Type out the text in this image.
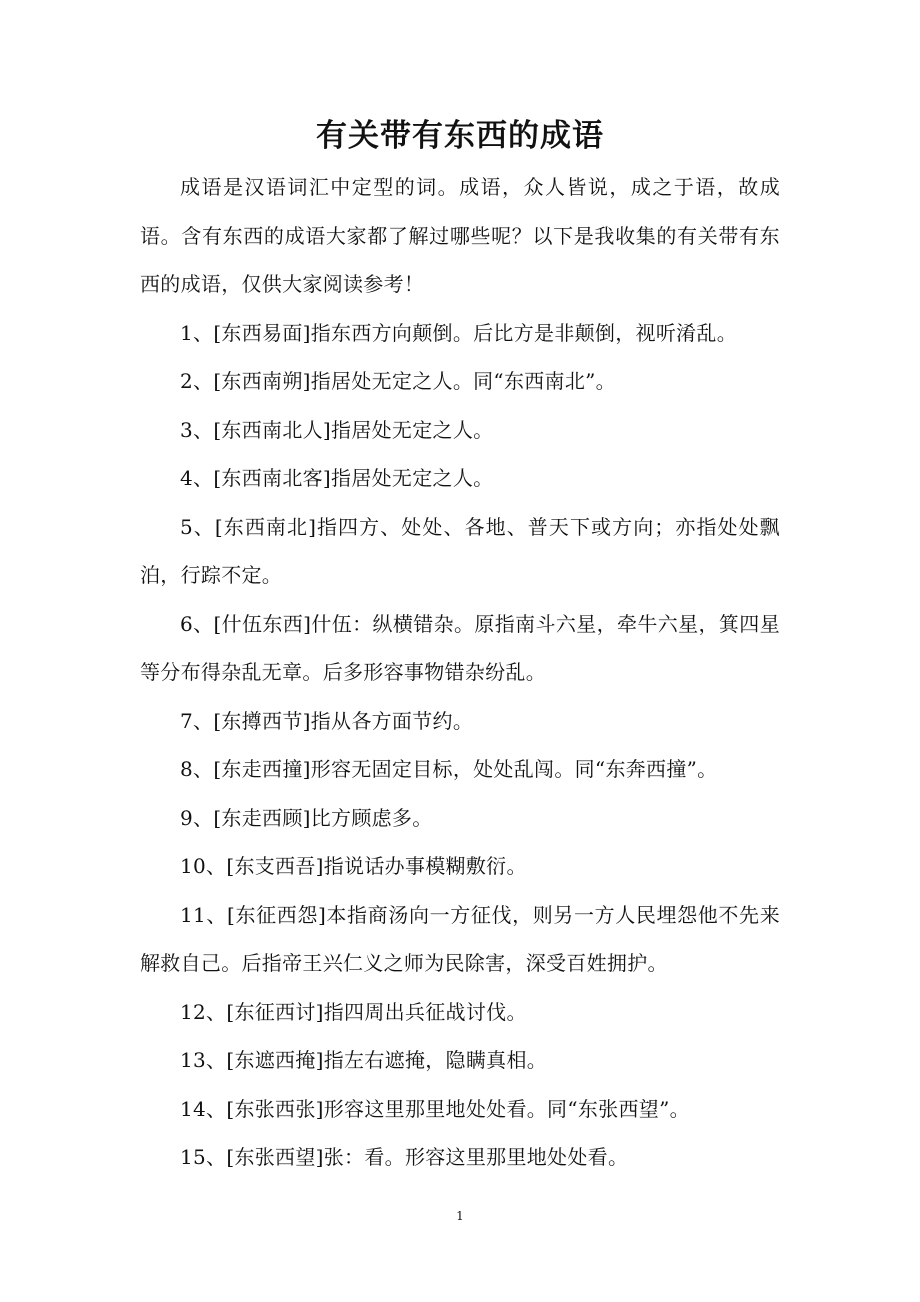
有关带有东西的成语

成语是汉语词汇中定型的词。成语，众人皆说，成之于语，故成语。含有东西的成语大家都了解过哪些呢？以下是我收集的有关带有东西的成语，仅供大家阅读参考！

1、[东西易面]指东西方向颠倒。后比方是非颠倒，视听淆乱。

2、[东西南朔]指居处无定之人。同“东西南北”。

3、[东西南北人]指居处无定之人。

4、[东西南北客]指居处无定之人。

5、[东西南北]指四方、处处、各地、普天下或方向；亦指处处飘泊，行踪不定。

6、[什伍东西]什伍：纵横错杂。原指南斗六星，牵牛六星，箕四星等分布得杂乱无章。后多形容事物错杂纷乱。

7、[东撙西节]指从各方面节约。

8、[东走西撞]形容无固定目标，处处乱闯。同“东奔西撞”。

9、[东走西顾]比方顾虑多。

10、[东支西吾]指说话办事模糊敷衍。

11、[东征西怨]本指商汤向一方征伐，则另一方人民埋怨他不先来解救自己。后指帝王兴仁义之师为民除害，深受百姓拥护。

12、[东征西讨]指四周出兵征战讨伐。

13、[东遮西掩]指左右遮掩，隐瞒真相。

14、[东张西张]形容这里那里地处处看。同“东张西望”。

15、[东张西望]张：看。形容这里那里地处处看。

1
